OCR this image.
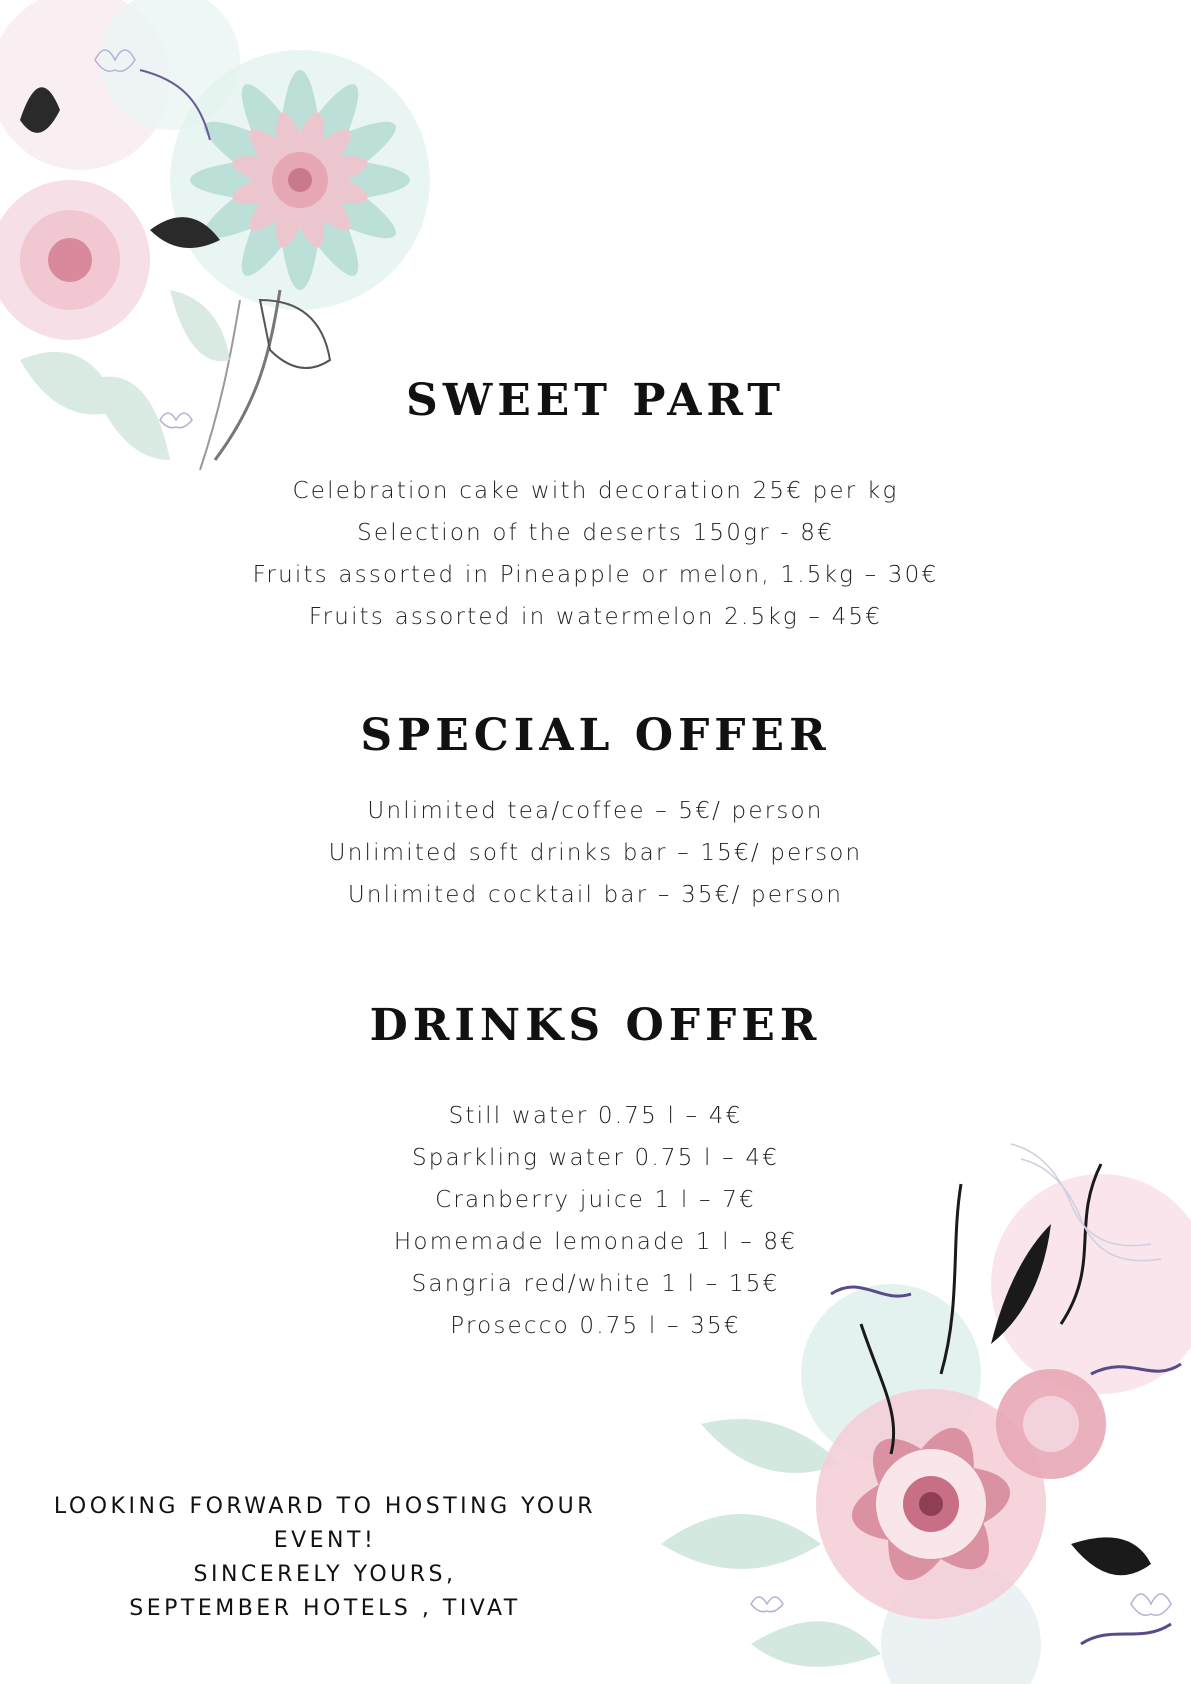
SWEET PART
Celebration cake with decoration 25€ per kg
Selection of the deserts 150gr - 8€
Fruits assorted in Pineapple or melon, 1.5kg – 30€
Fruits assorted in watermelon 2.5kg – 45€
SPECIAL OFFER
Unlimited tea/coffee – 5€/ person
Unlimited soft drinks bar – 15€/ person
Unlimited cocktail bar – 35€/ person
DRINKS OFFER
Still water 0.75 l – 4€
Sparkling water 0.75 l – 4€
Cranberry juice 1 l – 7€
Homemade lemonade 1 l – 8€
Sangria red/white 1 l – 15€
Prosecco 0.75 l – 35€
LOOKING FORWARD TO HOSTING YOUR
EVENT!
SINCERELY YOURS,
SEPTEMBER HOTELS , TIVAT
